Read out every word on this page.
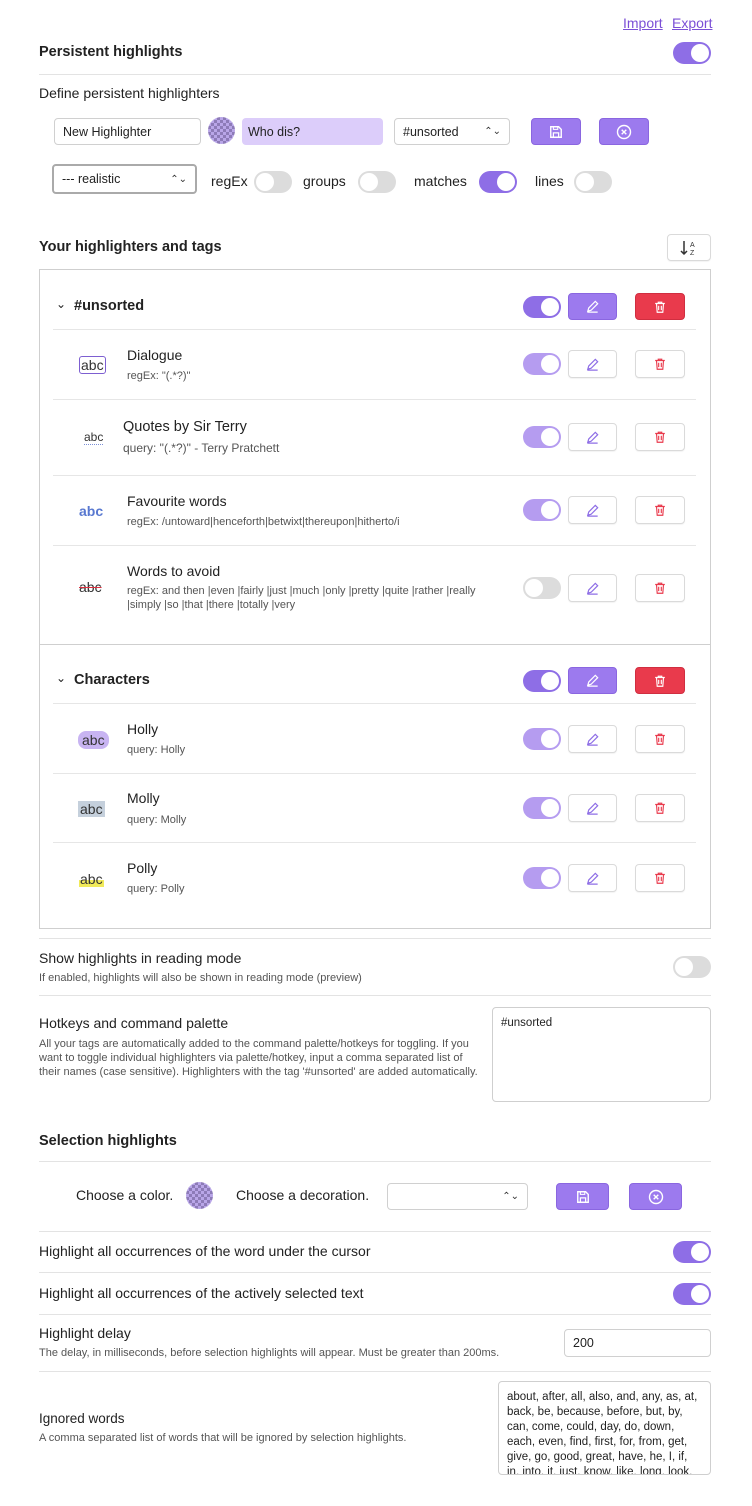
Import Export
Persistent highlights
Define persistent highlighters
New Highlighter
Who dis?	#unsorted	⌃⌄
--- realistic	⌃⌄ regEx	groups	matches	lines
Your highlighters and tags	A
Z
⌄ #unsorted
abc
Dialogue
regEx: "(.*?)"
abc
Quotes by Sir Terry
query: "(.*?)" - Terry Pratchett
abc
Favourite words
regEx: /untoward|henceforth|betwixt|thereupon|hitherto/i
abc
Words to avoid
regEx: and then |even |fairly |just |much |only |pretty |quite |rather |really |simply |so |that |there |totally |very
⌄ Characters
abc
Holly
query: Holly
abc
Molly
query: Molly
abc
Polly
query: Polly
Show highlights in reading mode
If enabled, highlights will also be shown in reading mode (preview)
Hotkeys and command palette
All your tags are automatically added to the command palette/hotkeys for toggling. If you want to toggle individual highlighters via palette/hotkey, input a comma separated list of their names (case sensitive). Highlighters with the tag '#unsorted' are added automatically.
#unsorted
Selection highlights
Choose a color.	Choose a decoration.	⌃⌄
Highlight all occurrences of the word under the cursor
Highlight all occurrences of the actively selected text
Highlight delay
The delay, in milliseconds, before selection highlights will appear. Must be greater than 200ms.
200
Ignored words
A comma separated list of words that will be ignored by selection highlights.
about, after, all, also, and, any, as, at, back, be, because, before, but, by, can, come, could, day, do, down, each, even, find, first, for, from, get, give, go, good, great, have, he, I, if, in, into, it, just, know, like, long, look,
